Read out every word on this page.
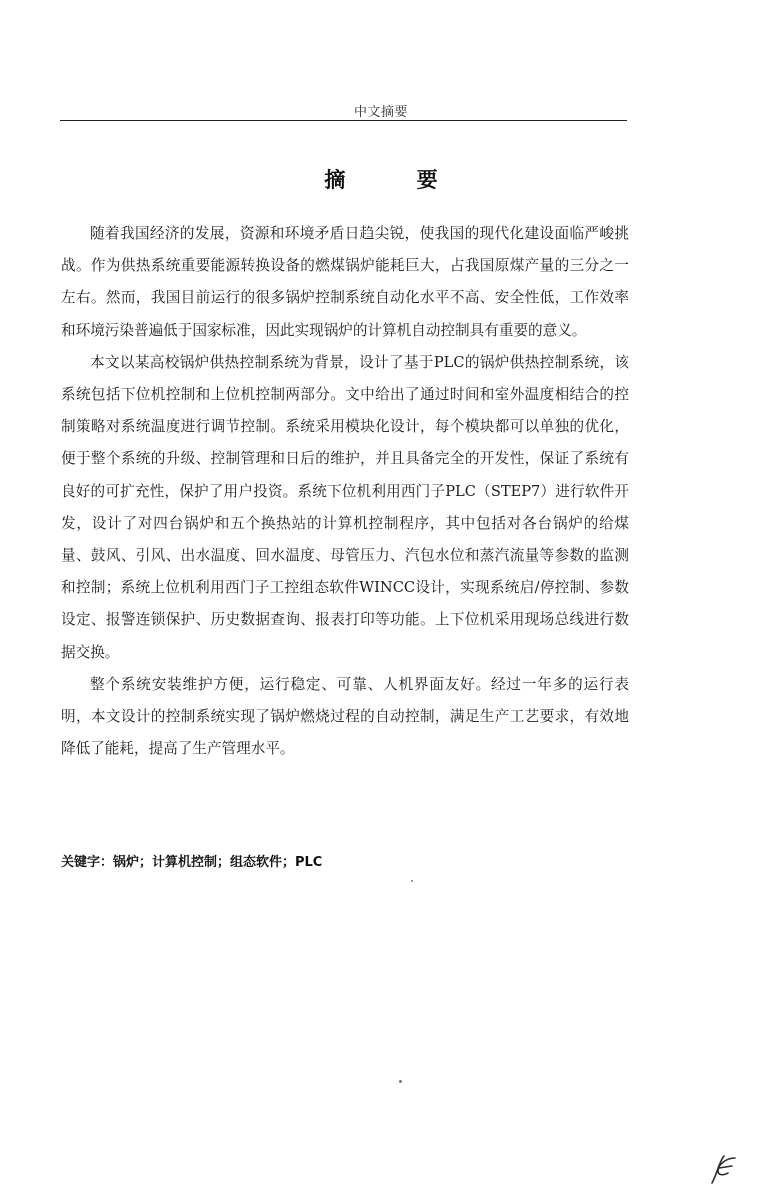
中文摘要
摘 要

随着我国经济的发展，资源和环境矛盾日趋尖锐，使我国的现代化建设面临严峻挑战。作为供热系统重要能源转换设备的燃煤锅炉能耗巨大，占我国原煤产量的三分之一左右。然而，我国目前运行的很多锅炉控制系统自动化水平不高、安全性低，工作效率和环境污染普遍低于国家标准，因此实现锅炉的计算机自动控制具有重要的意义。

本文以某高校锅炉供热控制系统为背景，设计了基于PLC的锅炉供热控制系统，该系统包括下位机控制和上位机控制两部分。文中给出了通过时间和室外温度相结合的控制策略对系统温度进行调节控制。系统采用模块化设计，每个模块都可以单独的优化，便于整个系统的升级、控制管理和日后的维护，并且具备完全的开发性，保证了系统有良好的可扩充性，保护了用户投资。系统下位机利用西门子PLC（STEP7）进行软件开发，设计了对四台锅炉和五个换热站的计算机控制程序，其中包括对各台锅炉的给煤量、鼓风、引风、出水温度、回水温度、母管压力、汽包水位和蒸汽流量等参数的监测和控制；系统上位机利用西门子工控组态软件WINCC设计，实现系统启/停控制、参数设定、报警连锁保护、历史数据查询、报表打印等功能。上下位机采用现场总线进行数据交换。

整个系统安装维护方便，运行稳定、可靠、人机界面友好。经过一年多的运行表明，本文设计的控制系统实现了锅炉燃烧过程的自动控制，满足生产工艺要求，有效地降低了能耗，提高了生产管理水平。

关键字：锅炉；计算机控制；组态软件；PLC
